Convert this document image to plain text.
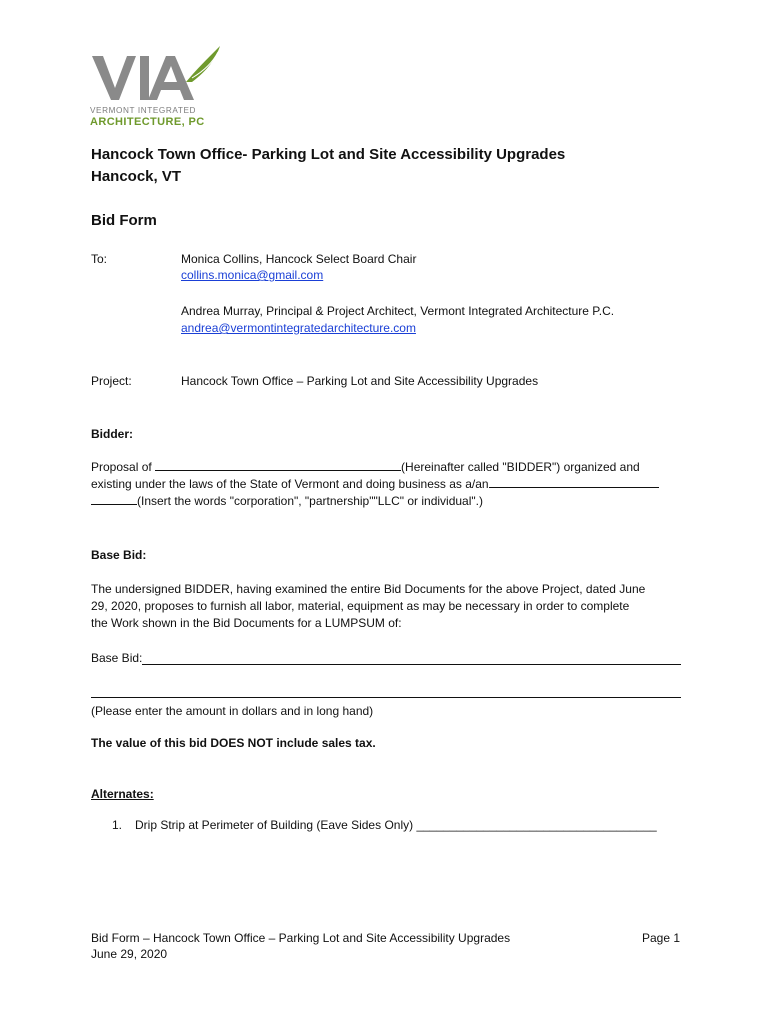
VERMONT INTEGRATED
ARCHITECTURE, PC
Hancock Town Office- Parking Lot and Site Accessibility Upgrades
Hancock, VT
Bid Form
To:	Monica Collins, Hancock Select Board Chair
collins.monica@gmail.com
Andrea Murray, Principal & Project Architect, Vermont Integrated Architecture P.C.
andrea@vermontintegratedarchitecture.com
Project:	Hancock Town Office – Parking Lot and Site Accessibility Upgrades
Bidder:
Proposal of	(Hereinafter called "BIDDER") organized and
existing under the laws of the State of Vermont and doing business as a/an
(Insert the words "corporation", "partnership""LLC" or individual".)
Base Bid:
The undersigned BIDDER, having examined the entire Bid Documents for the above Project, dated June
29, 2020, proposes to furnish all labor, material, equipment as may be necessary in order to complete
the Work shown in the Bid Documents for a LUMPSUM of:
Base Bid:
(Please enter the amount in dollars and in long hand)
The value of this bid DOES NOT include sales tax.
Alternates:
1. Drip Strip at Perimeter of Building (Eave Sides Only) ____________________________________
Bid Form – Hancock Town Office – Parking Lot and Site Accessibility Upgrades
June 29, 2020
Page 1
